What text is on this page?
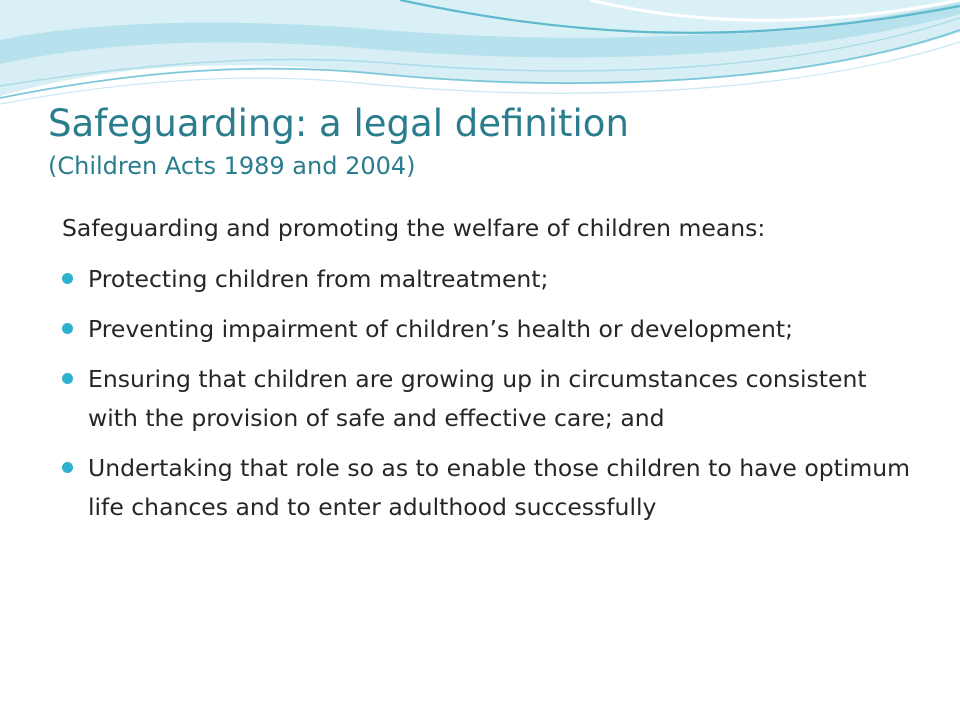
Safeguarding: a legal definition
(Children Acts 1989 and 2004)

Safeguarding and promoting the welfare of children means:

Protecting children from maltreatment;
Preventing impairment of children’s health or development;
Ensuring that children are growing up in circumstances consistent with the provision of safe and effective care; and
Undertaking that role so as to enable those children to have optimum life chances and to enter adulthood successfully
